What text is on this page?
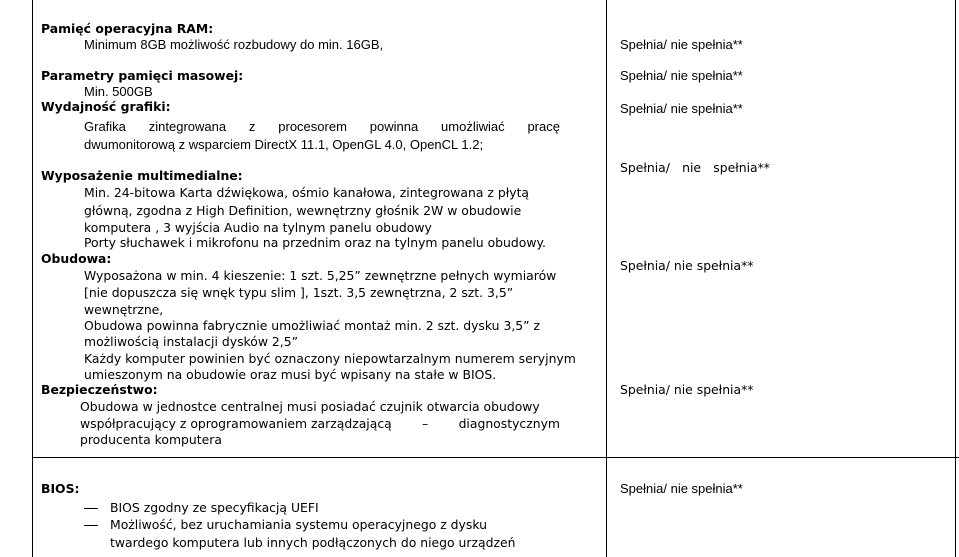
Pamięć operacyjna RAM:
Minimum 8GB możliwość rozbudowy do min. 16GB,	Spełnia/ nie spełnia**
Parametry pamięci masowej:	Spełnia/ nie spełnia**
Min. 500GB
Wydajność grafiki:	Spełnia/ nie spełnia**
Grafika zintegrowana z procesorem powinna umożliwiać pracę
dwumonitorową z wsparciem DirectX 11.1, OpenGL 4.0, OpenCL 1.2;
Wyposażenie multimedialne:
Spełnia/ nie spełnia**
Min. 24-bitowa Karta dźwiękowa, ośmio kanałowa, zintegrowana z płytą
główną, zgodna z High Definition, wewnętrzny głośnik 2W w obudowie
komputera , 3 wyjścia Audio na tylnym panelu obudowy
Porty słuchawek i mikrofonu na przednim oraz na tylnym panelu obudowy.
Obudowa:	Spełnia/ nie spełnia**
Wyposażona w min. 4 kieszenie: 1 szt. 5,25” zewnętrzne pełnych wymiarów
[nie dopuszcza się wnęk typu slim ], 1szt. 3,5 zewnętrzna, 2 szt. 3,5”
wewnętrzne,
Obudowa powinna fabrycznie umożliwiać montaż min. 2 szt. dysku 3,5” z
możliwością instalacji dysków 2,5”
Każdy komputer powinien być oznaczony niepowtarzalnym numerem seryjnym
umieszonym na obudowie oraz musi być wpisany na stałe w BIOS.
Bezpieczeństwo:	Spełnia/ nie spełnia**
Obudowa w jednostce centralnej musi posiadać czujnik otwarcia obudowy
współpracujący z oprogramowaniem zarządzającą – diagnostycznym
producenta komputera
BIOS:	Spełnia/ nie spełnia**
BIOS zgodny ze specyfikacją UEFI
Możliwość, bez uruchamiania systemu operacyjnego z dysku
twardego komputera lub innych podłączonych do niego urządzeń
